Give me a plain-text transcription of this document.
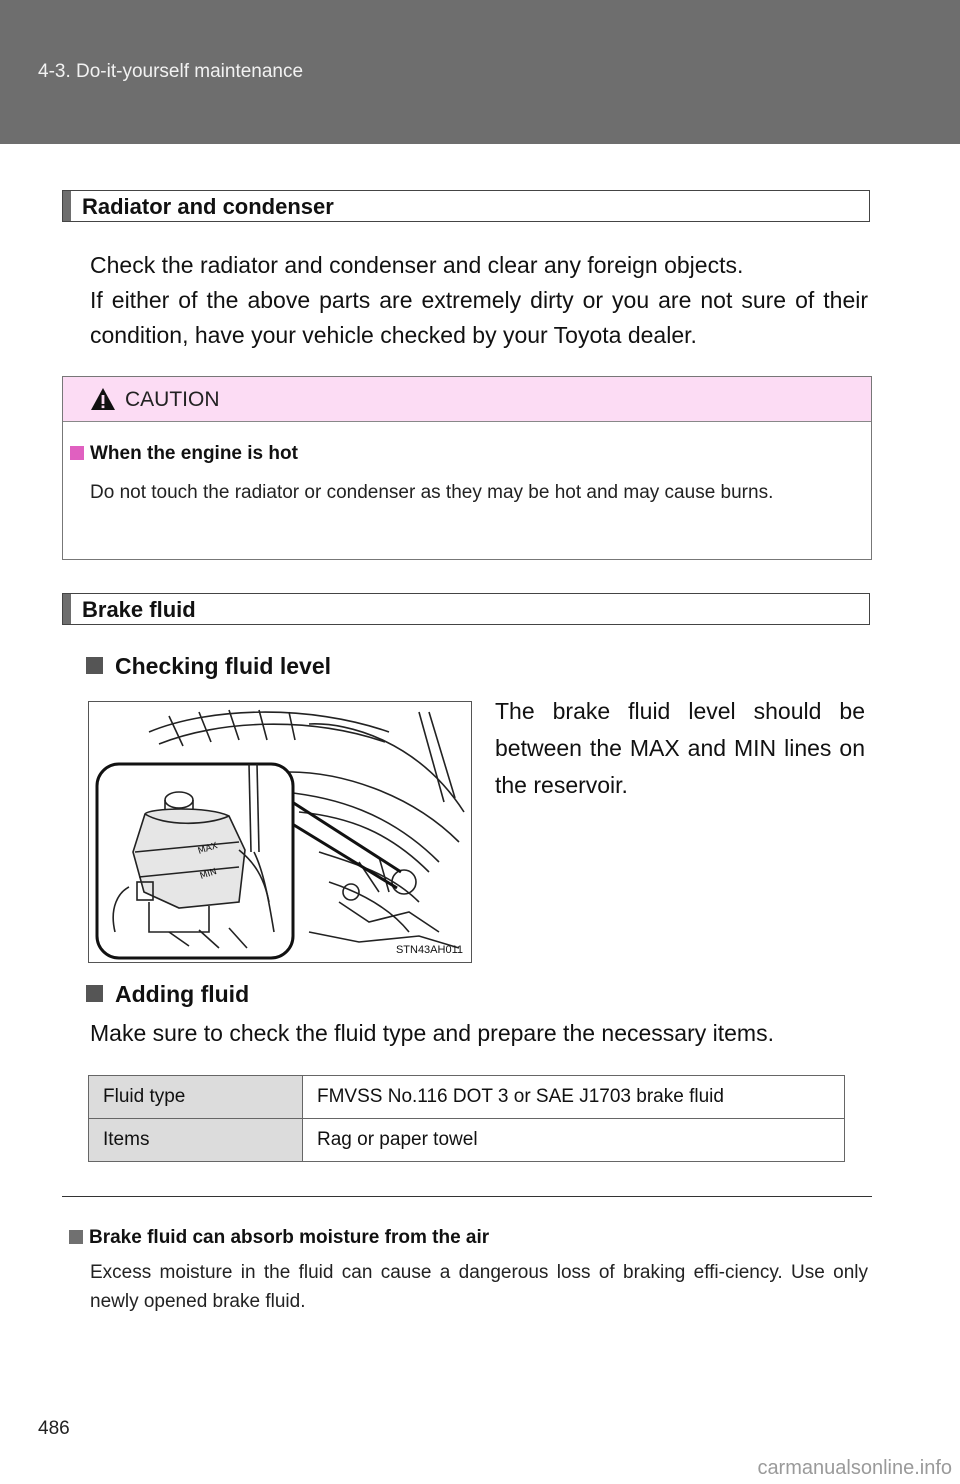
4-3. Do-it-yourself maintenance
Radiator and condenser
Check the radiator and condenser and clear any foreign objects.
If either of the above parts are extremely dirty or you are not sure of their condition, have your vehicle checked by your Toyota dealer.
CAUTION
When the engine is hot
Do not touch the radiator or condenser as they may be hot and may cause burns.
Brake fluid
Checking fluid level
MAX
MIN
STN43AH011
The brake fluid level should be between the MAX and MIN lines on the reservoir.
Adding fluid
Make sure to check the fluid type and prepare the necessary items.
Fluid type	FMVSS No.116 DOT 3 or SAE J1703 brake fluid
Items	Rag or paper towel
Brake fluid can absorb moisture from the air
Excess moisture in the fluid can cause a dangerous loss of braking effi-ciency. Use only newly opened brake fluid.
486
carmanualsonline.info
